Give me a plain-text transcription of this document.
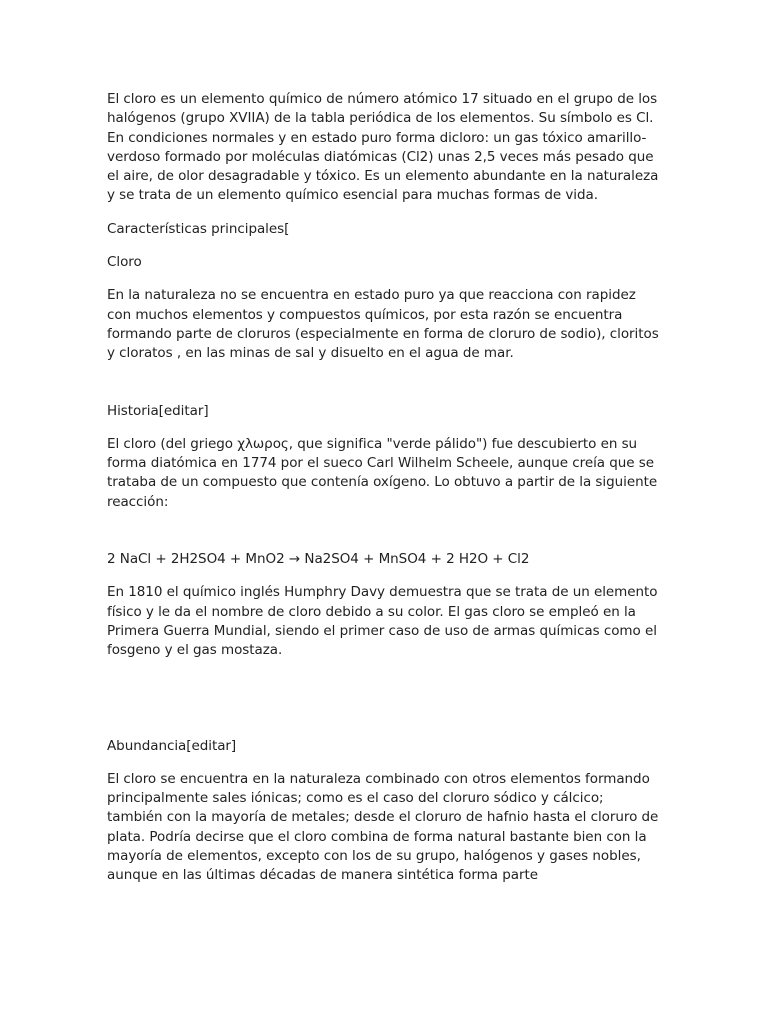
El cloro es un elemento químico de número atómico 17 situado en el grupo de los halógenos (grupo XVIIA) de la tabla periódica de los elementos. Su símbolo es Cl. En condiciones normales y en estado puro forma dicloro: un gas tóxico amarillo-verdoso formado por moléculas diatómicas (Cl2) unas 2,5 veces más pesado que el aire, de olor desagradable y tóxico. Es un elemento abundante en la naturaleza y se trata de un elemento químico esencial para muchas formas de vida.

Características principales[

Cloro

En la naturaleza no se encuentra en estado puro ya que reacciona con rapidez con muchos elementos y compuestos químicos, por esta razón se encuentra formando parte de cloruros (especialmente en forma de cloruro de sodio), cloritos y cloratos , en las minas de sal y disuelto en el agua de mar.

Historia[editar]

El cloro (del griego χλωρος, que significa "verde pálido") fue descubierto en su forma diatómica en 1774 por el sueco Carl Wilhelm Scheele, aunque creía que se trataba de un compuesto que contenía oxígeno. Lo obtuvo a partir de la siguiente reacción:

2 NaCl + 2H2SO4 + MnO2 → Na2SO4 + MnSO4 + 2 H2O + Cl2

En 1810 el químico inglés Humphry Davy demuestra que se trata de un elemento físico y le da el nombre de cloro debido a su color. El gas cloro se empleó en la Primera Guerra Mundial, siendo el primer caso de uso de armas químicas como el fosgeno y el gas mostaza.

Abundancia[editar]

El cloro se encuentra en la naturaleza combinado con otros elementos formando principalmente sales iónicas; como es el caso del cloruro sódico y cálcico; también con la mayoría de metales; desde el cloruro de hafnio hasta el cloruro de plata. Podría decirse que el cloro combina de forma natural bastante bien con la mayoría de elementos, excepto con los de su grupo, halógenos y gases nobles, aunque en las últimas décadas de manera sintética forma parte
